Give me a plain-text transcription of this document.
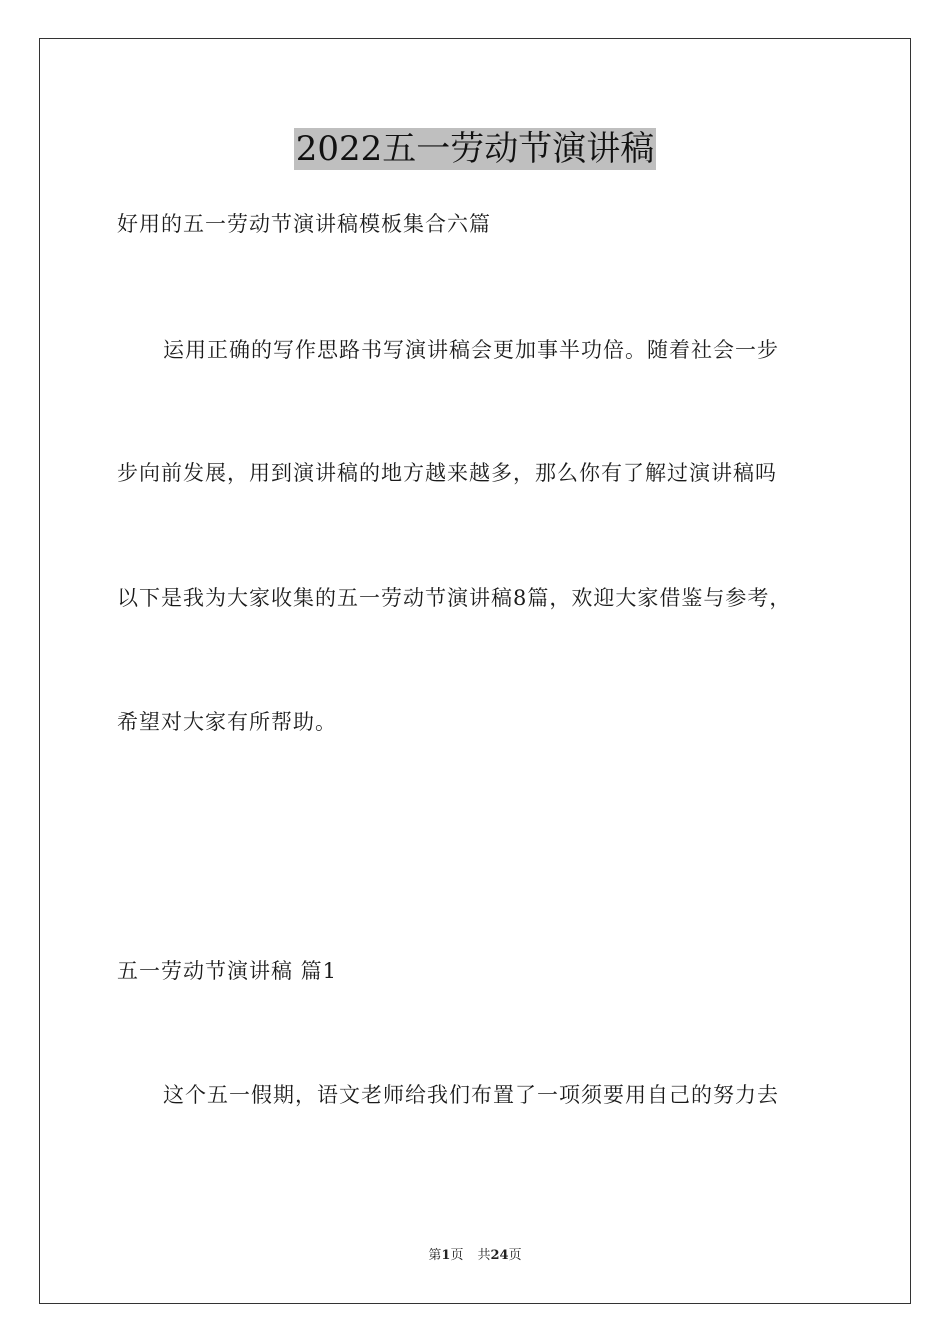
2022五一劳动节演讲稿
好用的五一劳动节演讲稿模板集合六篇
运用正确的写作思路书写演讲稿会更加事半功倍。随着社会一步
步向前发展，用到演讲稿的地方越来越多，那么你有了解过演讲稿吗
以下是我为大家收集的五一劳动节演讲稿8篇，欢迎大家借鉴与参考，
希望对大家有所帮助。
五一劳动节演讲稿 篇1
这个五一假期，语文老师给我们布置了一项须要用自己的努力去
第1页 共24页
